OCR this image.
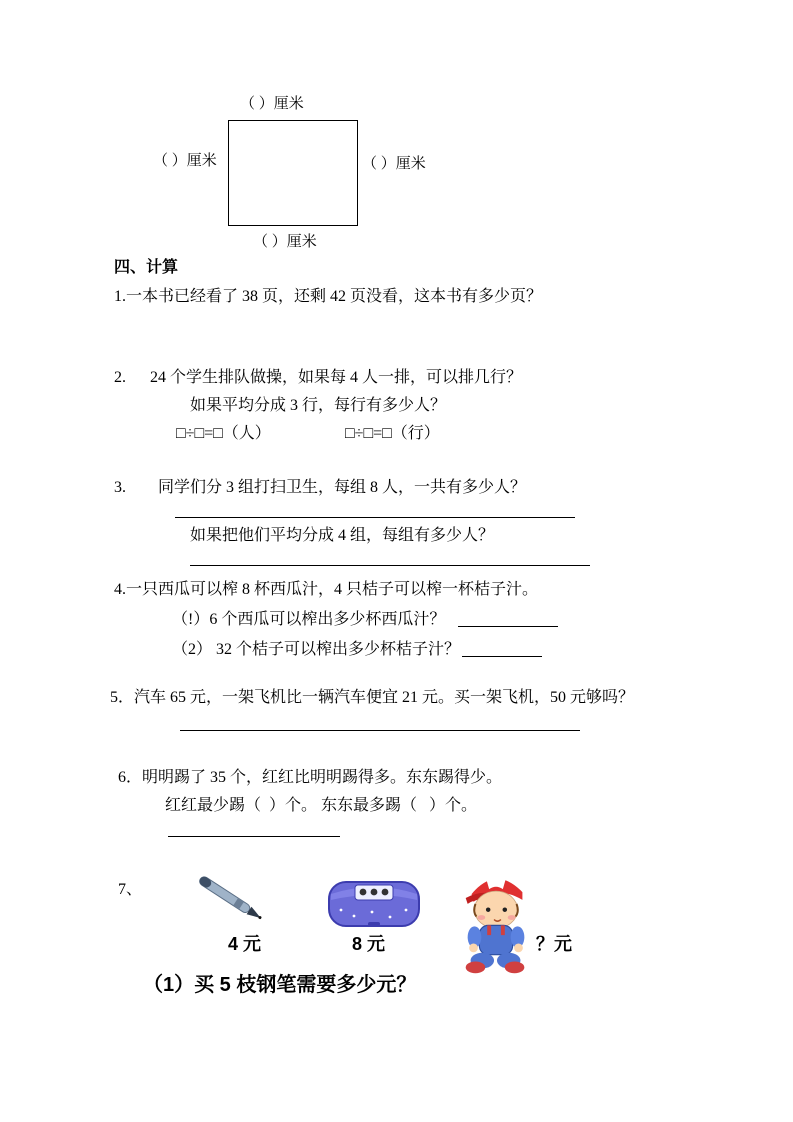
（ ）厘米
（ ）厘米	（ ）厘米
（ ）厘米
四、计算
1.一本书已经看了 38 页，还剩 42 页没看，这本书有多少页？
2.      24 个学生排队做操，如果每 4 人一排，可以排几行？
如果平均分成 3 行，每行有多少人？
□÷□=□（人）	□÷□=□（行）
3.        同学们分 3 组打扫卫生，每组 8 人，一共有多少人？
如果把他们平均分成 4 组，每组有多少人？
4.一只西瓜可以榨 8 杯西瓜汁，4 只桔子可以榨一杯桔子汁。
（!）6 个西瓜可以榨出多少杯西瓜汁？
（2） 32 个桔子可以榨出多少杯桔子汁？
5．汽车 65 元，一架飞机比一辆汽车便宜 21 元。买一架飞机，50 元够吗？
6．明明踢了 35 个，红红比明明踢得多。东东踢得少。
红红最少踢（  ）个。 东东最多踢（   ）个。
7、
4 元	8 元	？元
（1）买 5 枝钢笔需要多少元？
